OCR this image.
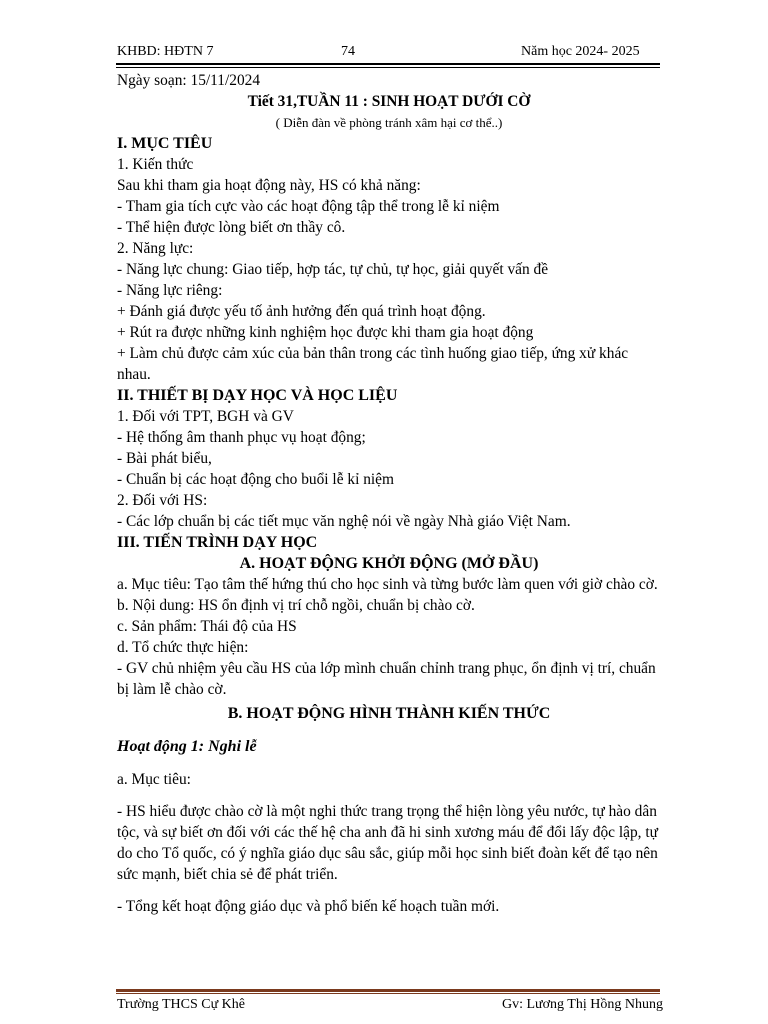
KHBD: HĐTN 7	74	Năm học 2024- 2025

Ngày soạn: 15/11/2024

Tiết 31,TUẦN 11 : SINH HOẠT DƯỚI CỜ

( Diễn đàn về phòng tránh xâm hại cơ thể..)

I. MỤC TIÊU

1. Kiến thức

Sau khi tham gia hoạt động này, HS có khả năng:

- Tham gia tích cực vào các hoạt động tập thể trong lễ kỉ niệm

- Thể hiện được lòng biết ơn thầy cô.

2. Năng lực:

- Năng lực chung: Giao tiếp, hợp tác, tự chủ, tự học, giải quyết vấn đề

- Năng lực riêng:

+ Đánh giá được yếu tố ảnh hưởng đến quá trình hoạt động.

+ Rút ra được những kinh nghiệm học được khi tham gia hoạt động

+ Làm chủ được cảm xúc của bản thân trong các tình huống giao tiếp, ứng xử khác nhau.

II. THIẾT BỊ DẠY HỌC VÀ HỌC LIỆU

1. Đối với TPT, BGH và GV

- Hệ thống âm thanh phục vụ hoạt động;

- Bài phát biểu,

- Chuẩn bị các hoạt động cho buổi lễ kỉ niệm

2. Đối với HS:

- Các lớp chuẩn bị các tiết mục văn nghệ nói về ngày Nhà giáo Việt Nam.

III. TIẾN TRÌNH DẠY HỌC

A. HOẠT ĐỘNG KHỞI ĐỘNG (MỞ ĐẦU)

a. Mục tiêu: Tạo tâm thế hứng thú cho học sinh và từng bước làm quen với giờ chào cờ.

b. Nội dung: HS ổn định vị trí chỗ ngồi, chuẩn bị chào cờ.

c. Sản phẩm: Thái độ của HS

d. Tổ chức thực hiện:

- GV chủ nhiệm yêu cầu HS của lớp mình chuẩn chỉnh trang phục, ổn định vị trí, chuẩn bị làm lễ chào cờ.

B. HOẠT ĐỘNG HÌNH THÀNH KIẾN THỨC

Hoạt động 1: Nghi lễ

a. Mục tiêu:

- HS hiểu được chào cờ là một nghi thức trang trọng thể hiện lòng yêu nước, tự hào dân tộc, và sự biết ơn đối với các thế hệ cha anh đã hi sinh xương máu để đổi lấy độc lập, tự do cho Tổ quốc, có ý nghĩa giáo dục sâu sắc, giúp mỗi học sinh biết đoàn kết để tạo nên sức mạnh, biết chia sẻ để phát triển.

- Tổng kết hoạt động giáo dục và phổ biến kế hoạch tuần mới.

Trường THCS Cự Khê	Gv: Lương Thị Hồng Nhung
